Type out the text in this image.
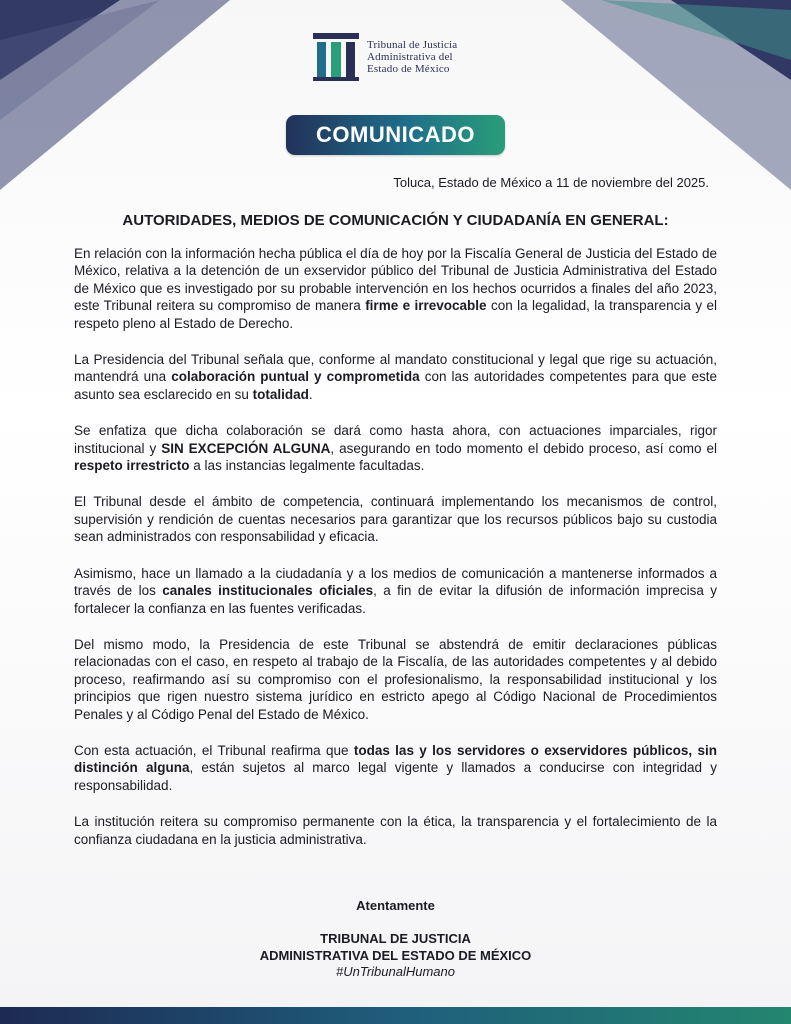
Tribunal de Justicia
Administrativa del
Estado de México
COMUNICADO
Toluca, Estado de México a 11 de noviembre del 2025.
AUTORIDADES, MEDIOS DE COMUNICACIÓN Y CIUDADANÍA EN GENERAL:

En relación con la información hecha pública el día de hoy por la Fiscalía General de Justicia del Estado de México, relativa a la detención de un exservidor público del Tribunal de Justicia Administrativa del Estado de México que es investigado por su probable intervención en los hechos ocurridos a finales del año 2023, este Tribunal reitera su compromiso de manera firme e irrevocable con la legalidad, la transparencia y el respeto pleno al Estado de Derecho.

La Presidencia del Tribunal señala que, conforme al mandato constitucional y legal que rige su actuación, mantendrá una colaboración puntual y comprometida con las autoridades competentes para que este asunto sea esclarecido en su totalidad.

Se enfatiza que dicha colaboración se dará como hasta ahora, con actuaciones imparciales, rigor institucional y SIN EXCEPCIÓN ALGUNA, asegurando en todo momento el debido proceso, así como el respeto irrestricto a las instancias legalmente facultadas.

El Tribunal desde el ámbito de competencia, continuará implementando los mecanismos de control, supervisión y rendición de cuentas necesarios para garantizar que los recursos públicos bajo su custodia sean administrados con responsabilidad y eficacia.

Asimismo, hace un llamado a la ciudadanía y a los medios de comunicación a mantenerse informados a través de los canales institucionales oficiales, a fin de evitar la difusión de información imprecisa y fortalecer la confianza en las fuentes verificadas.

Del mismo modo, la Presidencia de este Tribunal se abstendrá de emitir declaraciones públicas relacionadas con el caso, en respeto al trabajo de la Fiscalía, de las autoridades competentes y al debido proceso, reafirmando así su compromiso con el profesionalismo, la responsabilidad institucional y los principios que rigen nuestro sistema jurídico en estricto apego al Código Nacional de Procedimientos Penales y al Código Penal del Estado de México.

Con esta actuación, el Tribunal reafirma que todas las y los servidores o exservidores públicos, sin distinción alguna, están sujetos al marco legal vigente y llamados a conducirse con integridad y responsabilidad.

La institución reitera su compromiso permanente con la ética, la transparencia y el fortalecimiento de la confianza ciudadana en la justicia administrativa.

Atentamente
TRIBUNAL DE JUSTICIA
ADMINISTRATIVA DEL ESTADO DE MÉXICO
#UnTribunalHumano
